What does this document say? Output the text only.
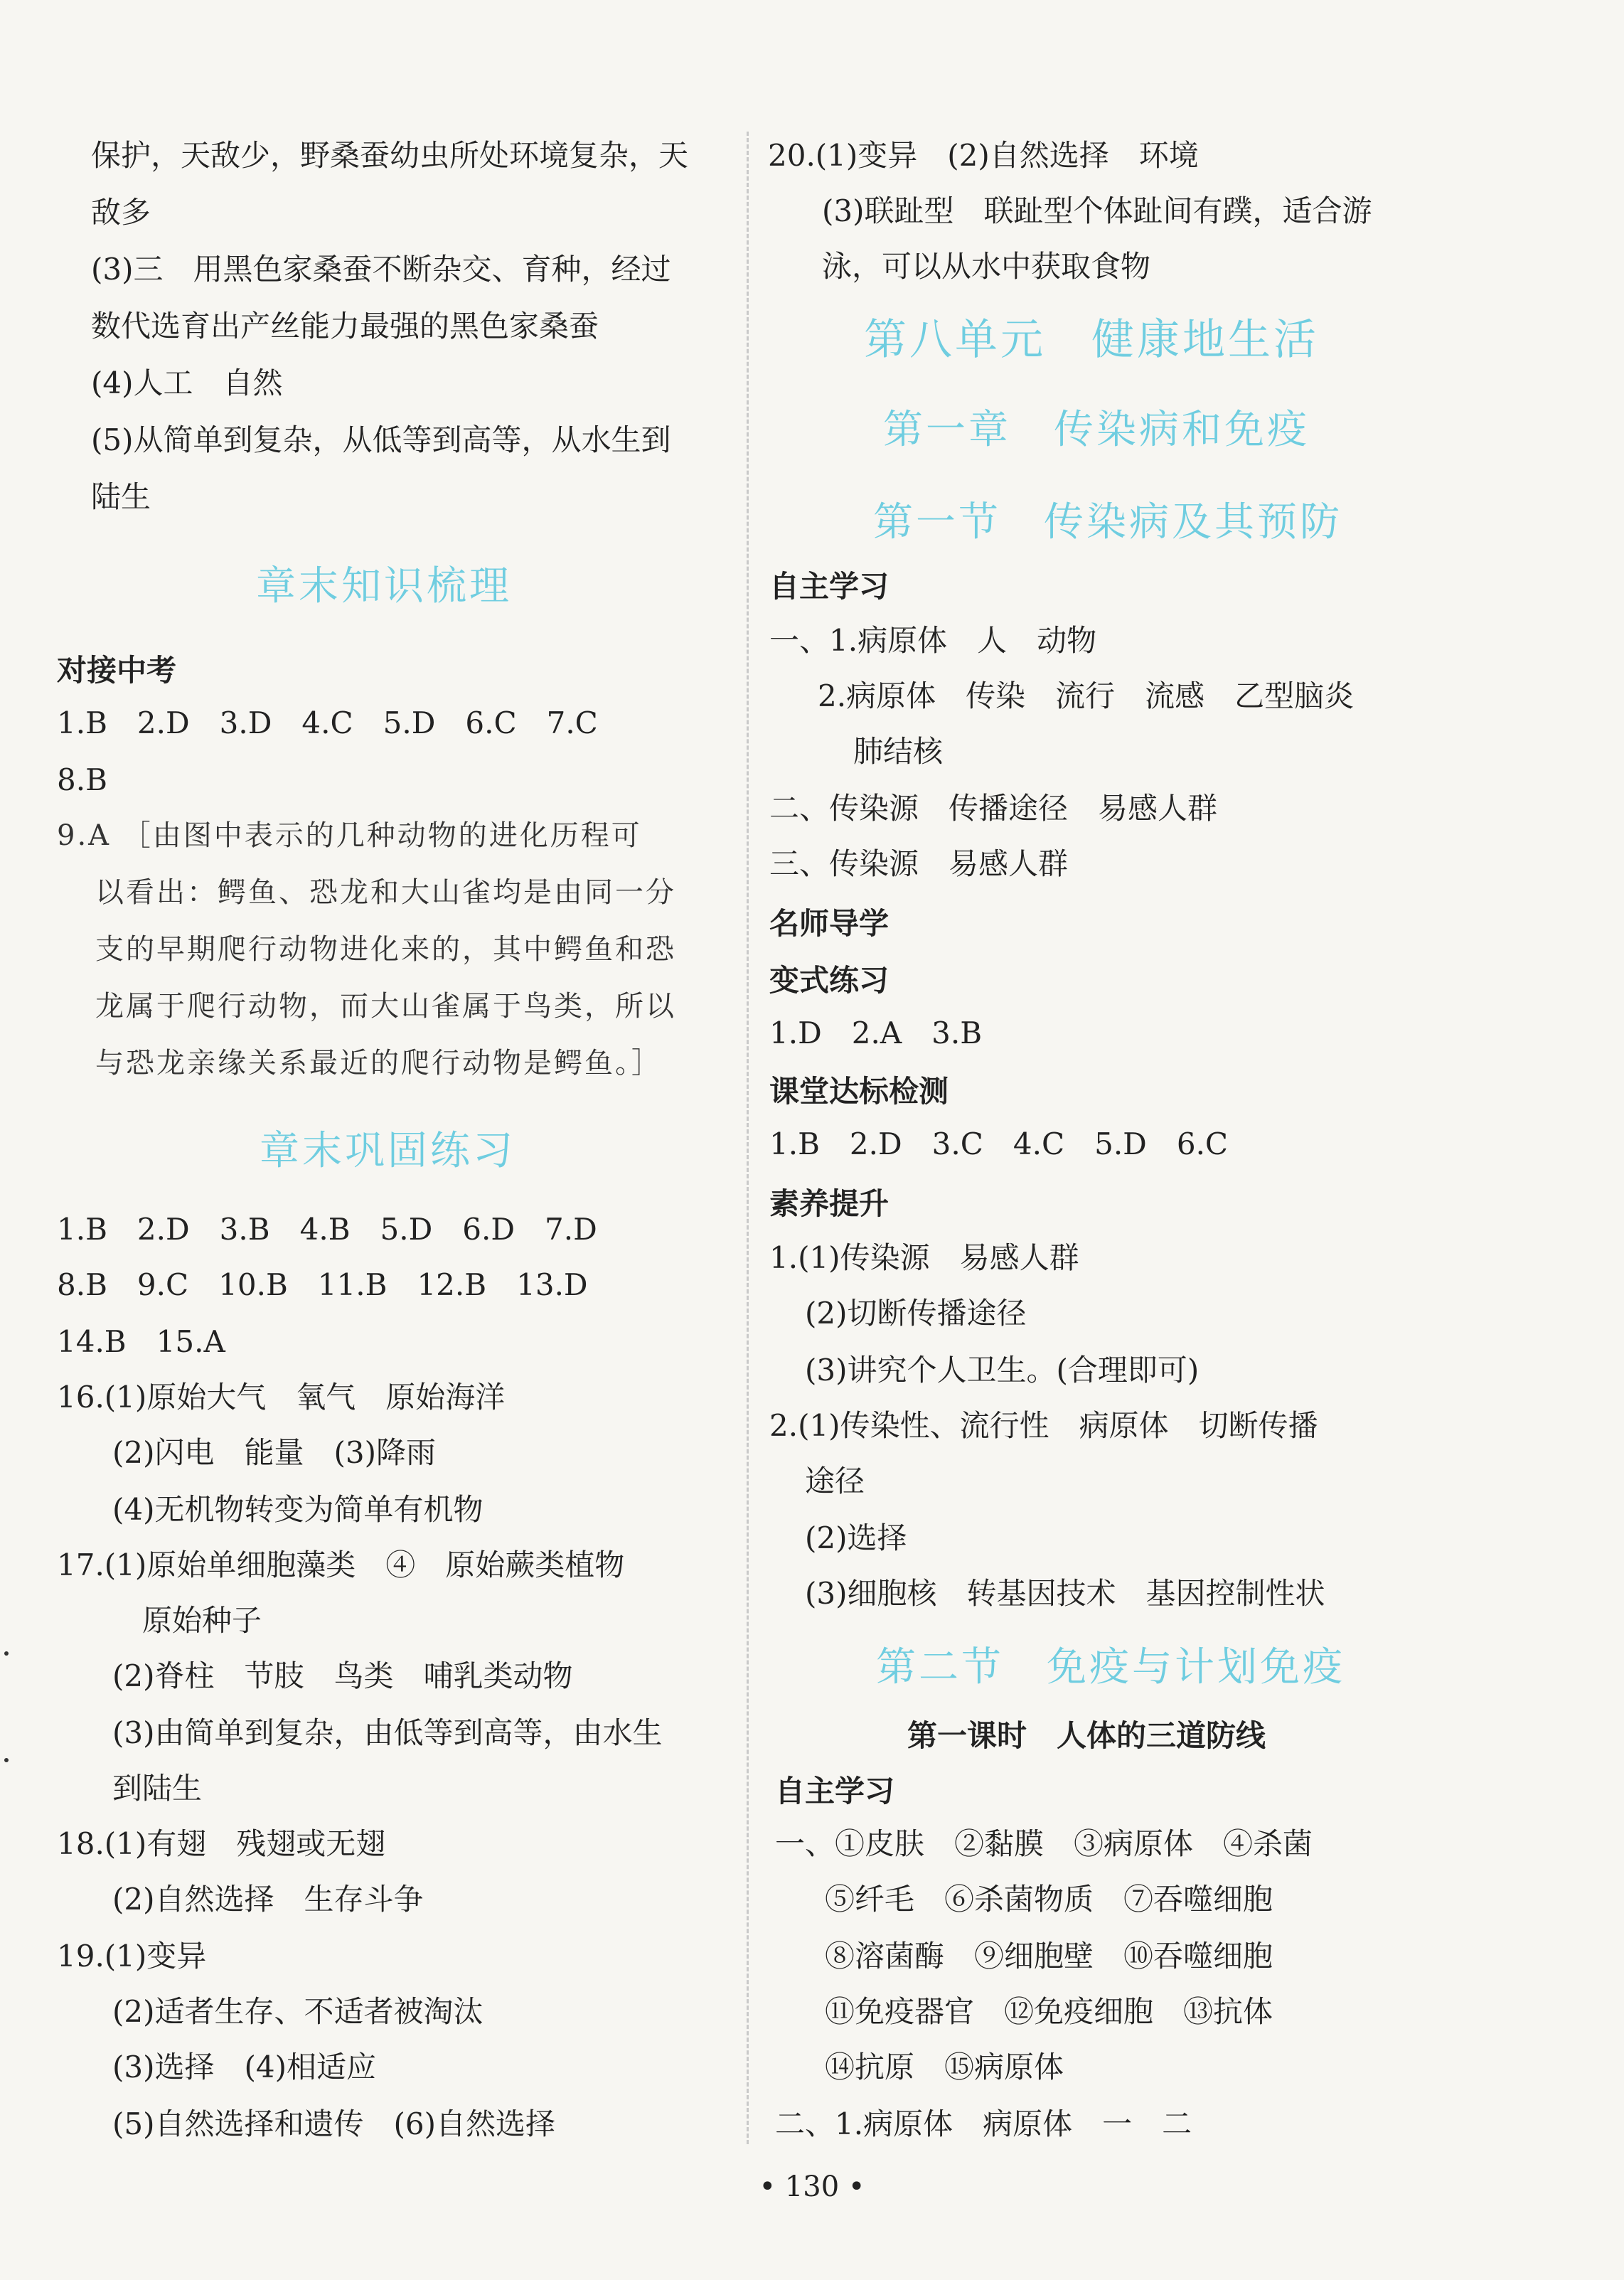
保护，天敌少，野桑蚕幼虫所处环境复杂，天
敌多
(3)三　用黑色家桑蚕不断杂交、育种，经过
数代选育出产丝能力最强的黑色家桑蚕
(4)人工　自然
(5)从简单到复杂，从低等到高等，从水生到
陆生
章末知识梳理
对接中考
1.B　2.D　3.D　4.C　5.D　6.C　7.C
8.B
9.A ［由图中表示的几种动物的进化历程可
以看出：鳄鱼、恐龙和大山雀均是由同一分
支的早期爬行动物进化来的，其中鳄鱼和恐
龙属于爬行动物，而大山雀属于鸟类，所以
与恐龙亲缘关系最近的爬行动物是鳄鱼。］
章末巩固练习
1.B　2.D　3.B　4.B　5.D　6.D　7.D
8.B　9.C　10.B　11.B　12.B　13.D
14.B　15.A
16.(1)原始大气　氧气　原始海洋
(2)闪电　能量　(3)降雨
(4)无机物转变为简单有机物
17.(1)原始单细胞藻类　④　原始蕨类植物
原始种子
(2)脊柱　节肢　鸟类　哺乳类动物
(3)由简单到复杂，由低等到高等，由水生
到陆生
18.(1)有翅　残翅或无翅
(2)自然选择　生存斗争
19.(1)变异
(2)适者生存、不适者被淘汰
(3)选择　(4)相适应
(5)自然选择和遗传　(6)自然选择
20.(1)变异　(2)自然选择　环境
(3)联趾型　联趾型个体趾间有蹼，适合游
泳，可以从水中获取食物
第八单元　健康地生活
第一章　传染病和免疫
第一节　传染病及其预防
自主学习
一、1.病原体　人　动物
2.病原体　传染　流行　流感　乙型脑炎
肺结核
二、传染源　传播途径　易感人群
三、传染源　易感人群
名师导学
变式练习
1.D　2.A　3.B
课堂达标检测
1.B　2.D　3.C　4.C　5.D　6.C
素养提升
1.(1)传染源　易感人群
(2)切断传播途径
(3)讲究个人卫生。(合理即可)
2.(1)传染性、流行性　病原体　切断传播
途径
(2)选择
(3)细胞核　转基因技术　基因控制性状
第二节　免疫与计划免疫
第一课时　人体的三道防线
自主学习
一、①皮肤　②黏膜　③病原体　④杀菌
⑤纤毛　⑥杀菌物质　⑦吞噬细胞
⑧溶菌酶　⑨细胞壁　⑩吞噬细胞
⑪免疫器官　⑫免疫细胞　⑬抗体
⑭抗原　⑮病原体
二、1.病原体　病原体　一　二
• 130 •
